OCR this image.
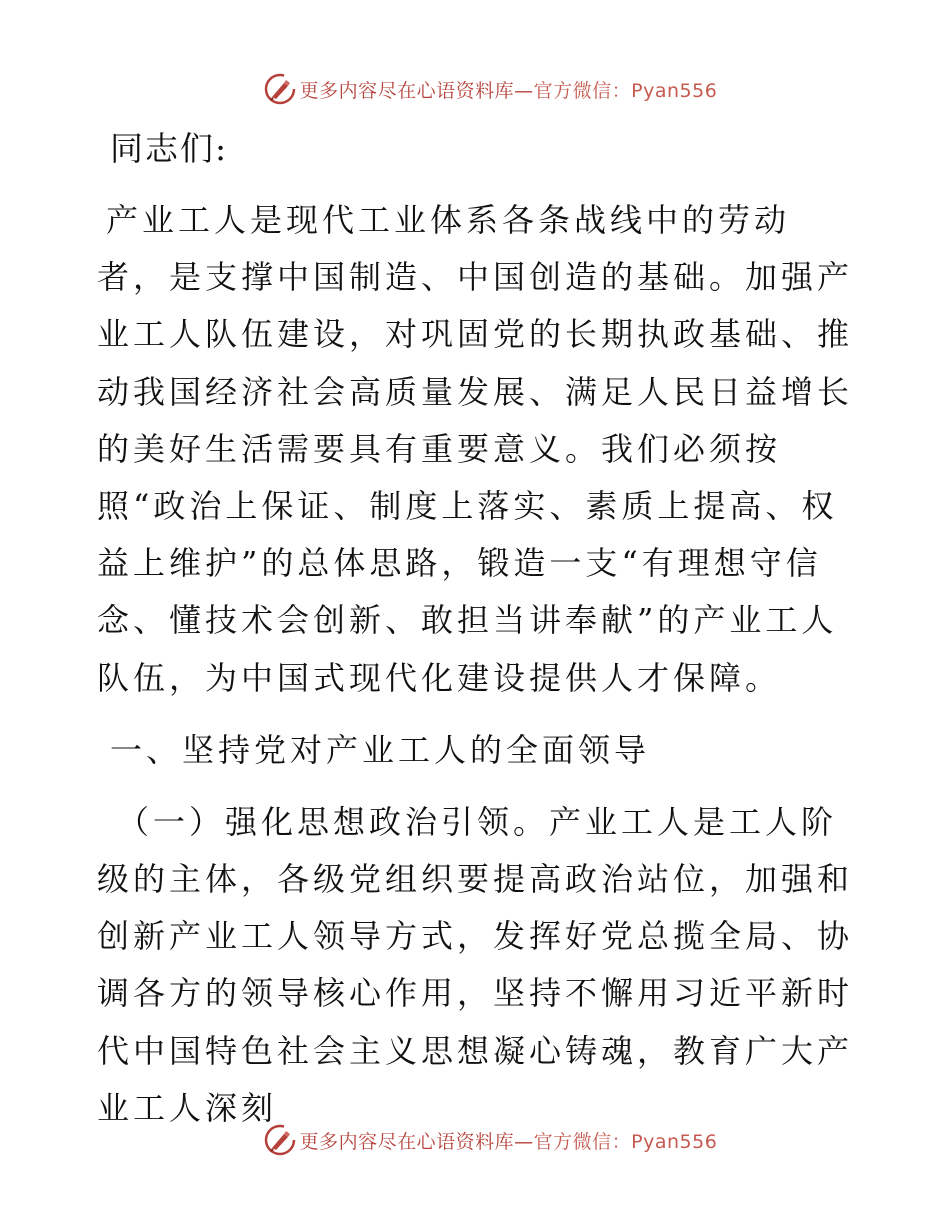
更多内容尽在心语资料库—官方微信：Pyan556

同志们:

产业工人是现代工业体系各条战线中的劳动者，是支撑中国制造、中国创造的基础。加强产业工人队伍建设，对巩固党的长期执政基础、推动我国经济社会高质量发展、满足人民日益增长的美好生活需要具有重要意义。我们必须按照“政治上保证、制度上落实、素质上提高、权益上维护”的总体思路，锻造一支“有理想守信念、懂技术会创新、敢担当讲奉献”的产业工人队伍，为中国式现代化建设提供人才保障。

一、坚持党对产业工人的全面领导

（一）强化思想政治引领。产业工人是工人阶级的主体，各级党组织要提高政治站位，加强和创新产业工人领导方式，发挥好党总揽全局、协调各方的领导核心作用，坚持不懈用习近平新时代中国特色社会主义思想凝心铸魂，教育广大产业工人深刻

更多内容尽在心语资料库—官方微信：Pyan556
